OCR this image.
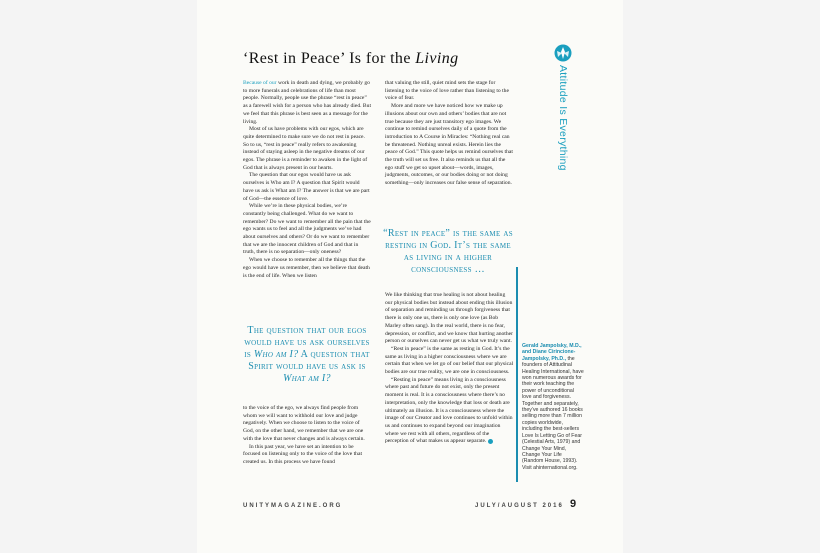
‘Rest in Peace’ Is for the Living
Attitude Is Everything

Because of our work in death and dying, we probably go to more funerals and celebrations of life than most people. Normally, people use the phrase “rest in peace” as a farewell wish for a person who has already died. But we feel that this phrase is best seen as a message for the living.

Most of us have problems with our egos, which are quite determined to make sure we do not rest in peace. So to us, “rest in peace” really refers to awakening instead of staying asleep in the negative dreams of our egos. The phrase is a reminder to awaken in the light of God that is always present in our hearts.

The question that our egos would have us ask ourselves is Who am I? A question that Spirit would have us ask is What am I? The answer is that we are part of God—the essence of love.

While we’re in these physical bodies, we’re constantly being challenged. What do we want to remember? Do we want to remember all the pain that the ego wants us to feel and all the judgments we’ve had about ourselves and others? Or do we want to remember that we are the innocent children of God and that in truth, there is no separation—only oneness?

When we choose to remember all the things that the ego would have us remember, then we believe that death is the end of life. When we listen

The question that our egos would have us ask ourselves is Who am I? A question that Spirit would have us ask is What am I?

to the voice of the ego, we always find people from whom we will want to withhold our love and judge negatively. When we choose to listen to the voice of God, on the other hand, we remember that we are one with the love that never changes and is always certain.

In this past year, we have set an intention to be focused on listening only to the voice of the love that created us. In this process we have found

that valuing the still, quiet mind sets the stage for listening to the voice of love rather than listening to the voice of fear.

More and more we have noticed how we make up illusions about our own and others’ bodies that are not true because they are just transitory ego images. We continue to remind ourselves daily of a quote from the introduction to A Course in Miracles: “Nothing real can be threatened. Nothing unreal exists. Herein lies the peace of God.” This quote helps us remind ourselves that the truth will set us free. It also reminds us that all the ego stuff we get so upset about—words, images, judgments, outcomes, or our bodies doing or not doing something—only increases our false sense of separation.

“Rest in peace” is the same as resting in God. It’s the same as living in a higher consciousness …

We like thinking that true healing is not about healing our physical bodies but instead about ending this illusion of separation and reminding us through forgiveness that there is only one us, there is only one love (as Bob Marley often sang). In the real world, there is no fear, depression, or conflict, and we know that hurting another person or ourselves can never get us what we truly want.

“Rest in peace” is the same as resting in God. It’s the same as living in a higher consciousness where we are certain that when we let go of our belief that our physical bodies are our true reality, we are one in consciousness.

“Resting in peace” means living in a consciousness where past and future do not exist, only the present moment is real. It is a consciousness where there’s no interpretation, only the knowledge that loss or death are ultimately an illusion. It is a consciousness where the image of our Creator and love continues to unfold within us and continues to expand beyond our imagination where we rest with all others, regardless of the perception of what makes us appear separate.

Gerald Jampolsky, M.D., and Diane Cirincione-Jampolsky, Ph.D., the founders of Attitudinal Healing International, have won numerous awards for their work teaching the power of unconditional love and forgiveness. Together and separately, they’ve authored 16 books selling more than 7 million copies worldwide, including the best-sellers Love Is Letting Go of Fear (Celestial Arts, 1979) and Change Your Mind, Change Your Life (Random House, 1993). Visit ahinternational.org.
UNITYMAGAZINE.ORG	JULY/AUGUST 2016 9
